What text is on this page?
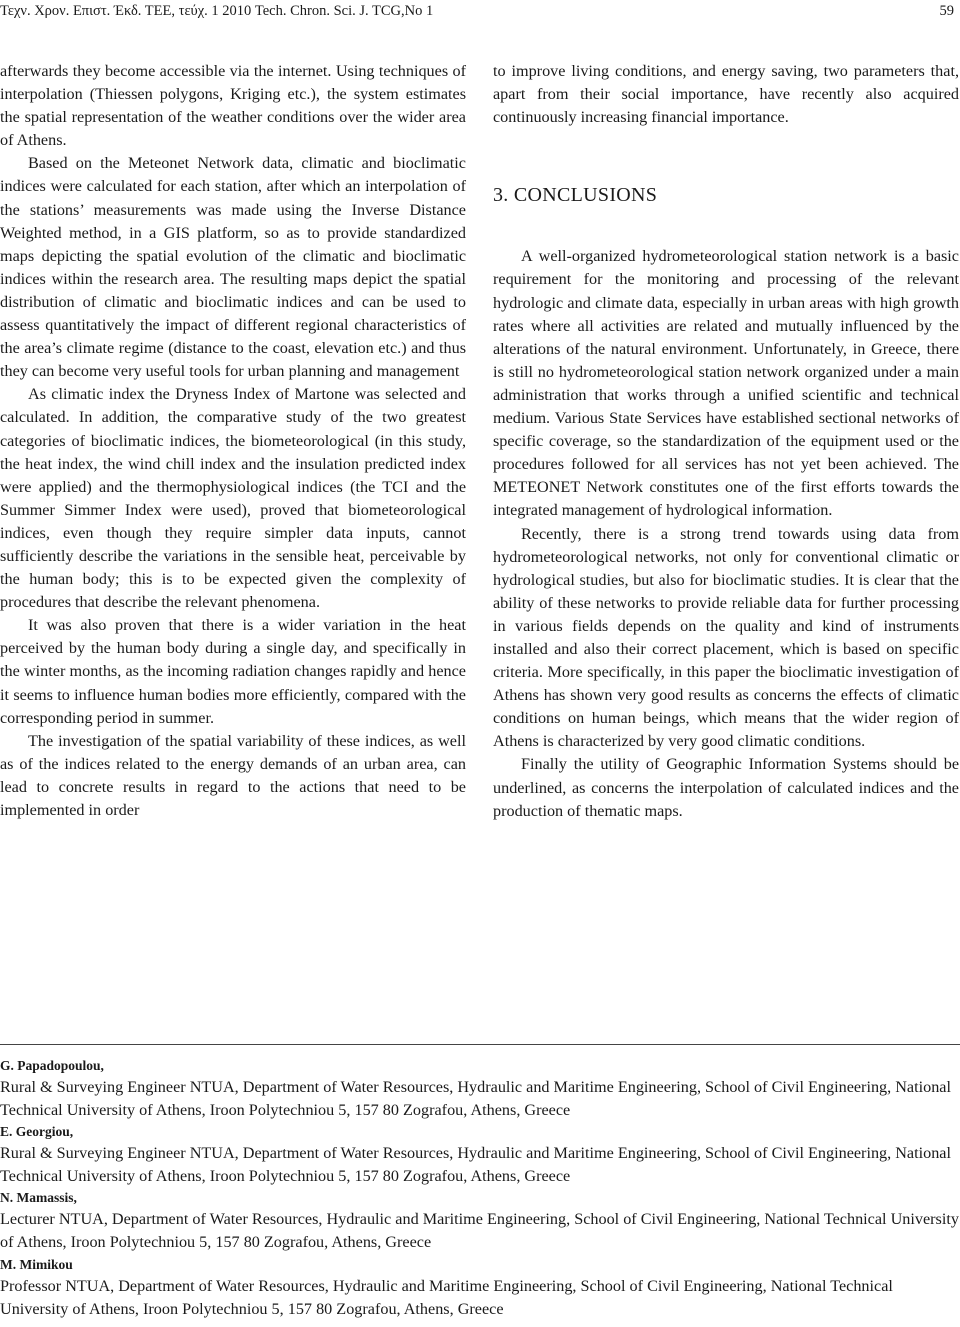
Τεχν. Χρον. Επιστ. Έκδ. ΤΕΕ, τεύχ. 1 2010 Tech. Chron. Sci. J. TCG,No 1	59

afterwards they become accessible via the internet. Using techniques of interpolation (Thiessen polygons, Kriging etc.), the system estimates the spatial representation of the weather conditions over the wider area of Athens.

Based on the Meteonet Network data, climatic and bioclimatic indices were calculated for each station, after which an interpolation of the stations’ measurements was made using the Inverse Distance Weighted method, in a GIS platform, so as to provide standardized maps depicting the spatial evolution of the climatic and bioclimatic indices within the research area. The resulting maps depict the spatial distribution of climatic and bioclimatic indices and can be used to assess quantitatively the impact of different regional characteristics of the area’s climate regime (distance to the coast, elevation etc.) and thus they can become very useful tools for urban planning and management

As climatic index the Dryness Index of Martone was selected and calculated. In addition, the comparative study of the two greatest categories of bioclimatic indices, the biometeorological (in this study, the heat index, the wind chill index and the insulation predicted index were applied) and the thermophysiological indices (the TCI and the Summer Simmer Index were used), proved that biometeorological indices, even though they require simpler data inputs, cannot sufficiently describe the variations in the sensible heat, perceivable by the human body; this is to be expected given the complexity of procedures that describe the relevant phenomena.

It was also proven that there is a wider variation in the heat perceived by the human body during a single day, and specifically in the winter months, as the incoming radiation changes rapidly and hence it seems to influence human bodies more efficiently, compared with the corresponding period in summer.

The investigation of the spatial variability of these indices, as well as of the indices related to the energy demands of an urban area, can lead to concrete results in regard to the actions that need to be implemented in order

to improve living conditions, and energy saving, two parameters that, apart from their social importance, have recently also acquired continuously increasing financial importance.

3. CONCLUSIONS

A well-organized hydrometeorological station network is a basic requirement for the monitoring and processing of the relevant hydrologic and climate data, especially in urban areas with high growth rates where all activities are related and mutually influenced by the alterations of the natural environment. Unfortunately, in Greece, there is still no hydrometeorological station network organized under a main administration that works through a unified scientific and technical medium. Various State Services have established sectional networks of specific coverage, so the standardization of the equipment used or the procedures followed for all services has not yet been achieved. The METEONET Network constitutes one of the first efforts towards the integrated management of hydrological information.

Recently, there is a strong trend towards using data from hydrometeorological networks, not only for conventional climatic or hydrological studies, but also for bioclimatic studies. It is clear that the ability of these networks to provide reliable data for further processing in various fields depends on the quality and kind of instruments installed and also their correct placement, which is based on specific criteria. More specifically, in this paper the bioclimatic investigation of Athens has shown very good results as concerns the effects of climatic conditions on human beings, which means that the wider region of Athens is characterized by very good climatic conditions.

Finally the utility of Geographic Information Systems should be underlined, as concerns the interpolation of calculated indices and the production of thematic maps.

G. Papadopoulou,
Rural & Surveying Engineer NTUA, Department of Water Resources, Hydraulic and Maritime Engineering, School of Civil Engineering, National Technical University of Athens, Iroon Polytechniou 5, 157 80 Zografou, Athens, Greece
E. Georgiou,
Rural & Surveying Engineer NTUA, Department of Water Resources, Hydraulic and Maritime Engineering, School of Civil Engineering, National Technical University of Athens, Iroon Polytechniou 5, 157 80 Zografou, Athens, Greece
N. Mamassis,
Lecturer NTUA, Department of Water Resources, Hydraulic and Maritime Engineering, School of Civil Engineering, National Technical University of Athens, Iroon Polytechniou 5, 157 80 Zografou, Athens, Greece
M. Mimikou
Professor NTUA, Department of Water Resources, Hydraulic and Maritime Engineering, School of Civil Engineering, National Technical University of Athens, Iroon Polytechniou 5, 157 80 Zografou, Athens, Greece
